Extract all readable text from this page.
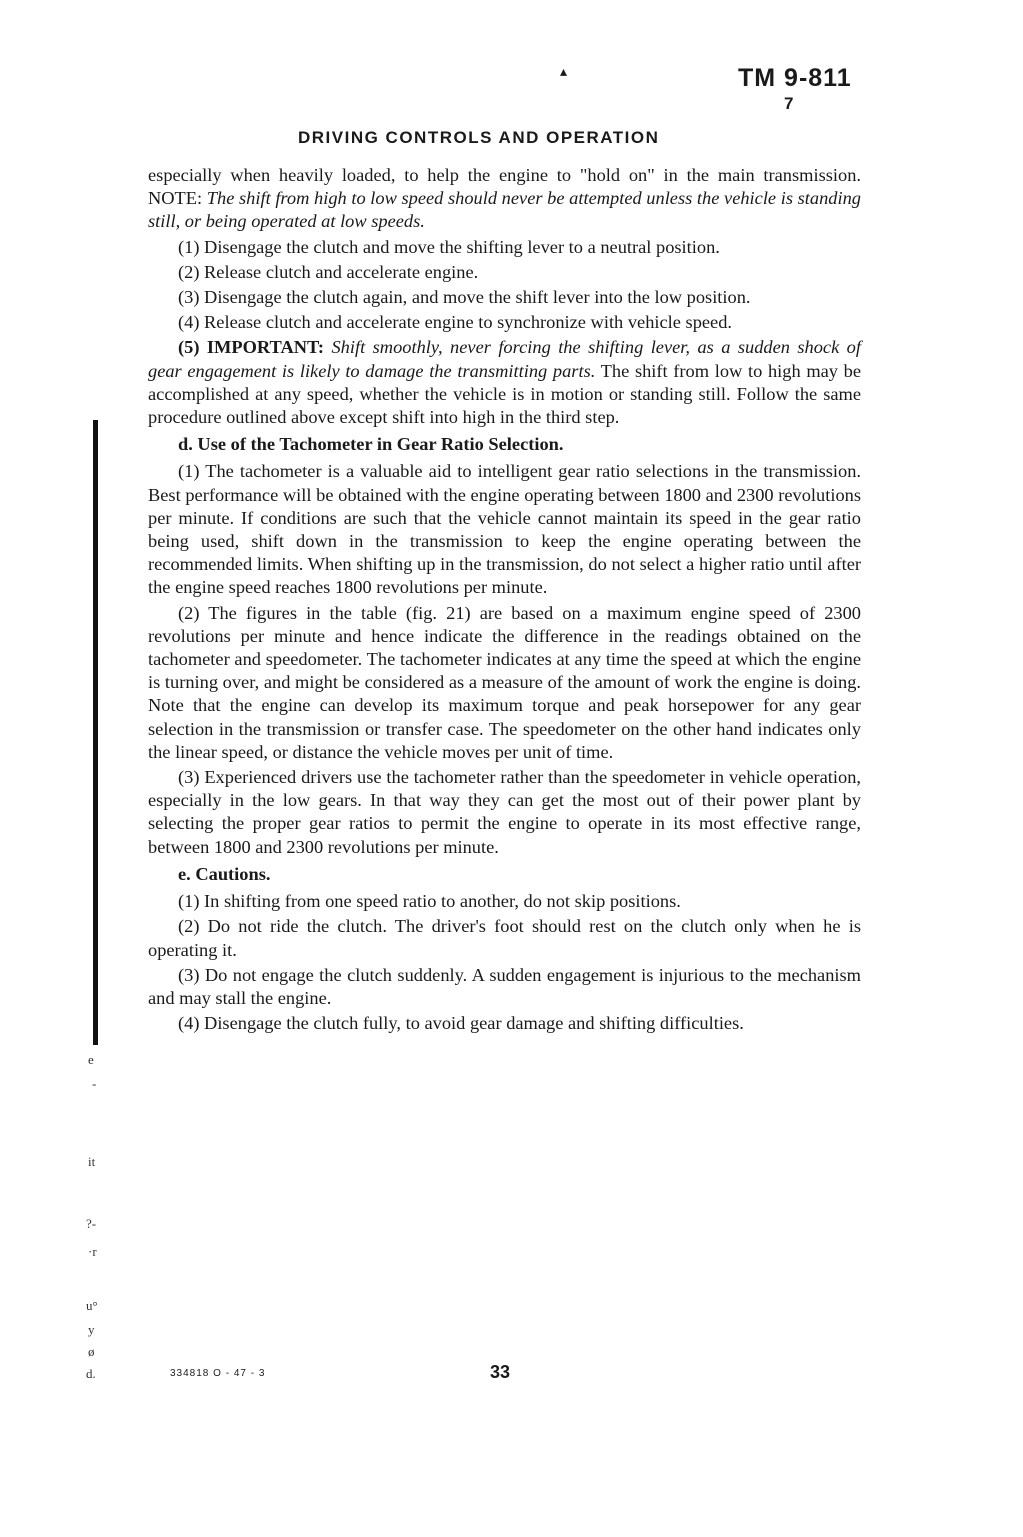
▴	TM 9-811
7
DRIVING CONTROLS AND OPERATION
e
-
it
?-
·r
u°
y
ø
d.

especially when heavily loaded, to help the engine to "hold on" in the main transmission. NOTE: The shift from high to low speed should never be attempted unless the vehicle is standing still, or being operated at low speeds.

(1) Disengage the clutch and move the shifting lever to a neutral position.

(2) Release clutch and accelerate engine.

(3) Disengage the clutch again, and move the shift lever into the low position.

(4) Release clutch and accelerate engine to synchronize with vehicle speed.

(5) IMPORTANT: Shift smoothly, never forcing the shifting lever, as a sudden shock of gear engagement is likely to damage the transmitting parts. The shift from low to high may be accomplished at any speed, whether the vehicle is in motion or standing still. Follow the same procedure outlined above except shift into high in the third step.

d. Use of the Tachometer in Gear Ratio Selection.

(1) The tachometer is a valuable aid to intelligent gear ratio selections in the transmission. Best performance will be obtained with the engine operating between 1800 and 2300 revolutions per minute. If conditions are such that the vehicle cannot maintain its speed in the gear ratio being used, shift down in the transmission to keep the engine operating between the recommended limits. When shifting up in the transmission, do not select a higher ratio until after the engine speed reaches 1800 revolutions per minute.

(2) The figures in the table (fig. 21) are based on a maximum engine speed of 2300 revolutions per minute and hence indicate the difference in the readings obtained on the tachometer and speedometer. The tachometer indicates at any time the speed at which the engine is turning over, and might be considered as a measure of the amount of work the engine is doing. Note that the engine can develop its maximum torque and peak horsepower for any gear selection in the transmission or transfer case. The speedometer on the other hand indicates only the linear speed, or distance the vehicle moves per unit of time.

(3) Experienced drivers use the tachometer rather than the speedometer in vehicle operation, especially in the low gears. In that way they can get the most out of their power plant by selecting the proper gear ratios to permit the engine to operate in its most effective range, between 1800 and 2300 revolutions per minute.

e. Cautions.

(1) In shifting from one speed ratio to another, do not skip positions.

(2) Do not ride the clutch. The driver's foot should rest on the clutch only when he is operating it.

(3) Do not engage the clutch suddenly. A sudden engagement is injurious to the mechanism and may stall the engine.

(4) Disengage the clutch fully, to avoid gear damage and shifting difficulties.

334818 O - 47 - 3	33
